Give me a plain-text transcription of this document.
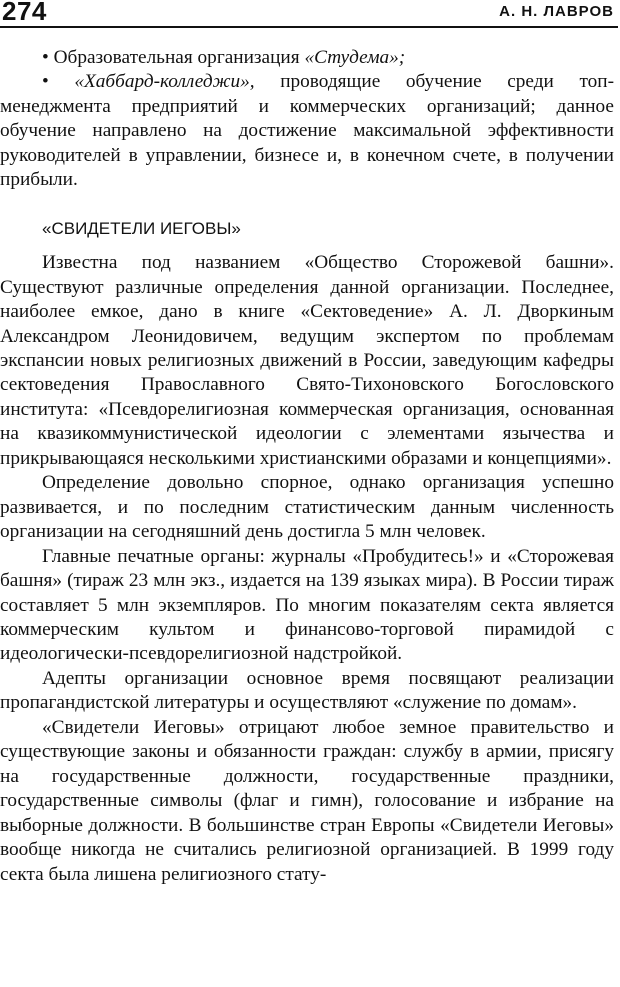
274	А. Н. ЛАВРОВ

• Образовательная организация «Студема»;

• «Хаббард-колледжи», проводящие обучение среди топ-менеджмента предприятий и коммерческих организаций; данное обучение направлено на достижение максимальной эффективности руководителей в управлении, бизнесе и, в конечном счете, в получении прибыли.

«СВИДЕТЕЛИ ИЕГОВЫ»

Известна под названием «Общество Сторожевой башни». Существуют различные определения данной организации. Последнее, наиболее емкое, дано в книге «Сектоведение» А. Л. Дворкиным Александром Леонидовичем, ведущим экспертом по проблемам экспансии новых религиозных движений в России, заведующим кафедры сектоведения Православного Свято-Тихоновского Богословского института: «Псевдорелигиозная коммерческая организация, основанная на квазикоммунистической идеологии с элементами язычества и прикрывающаяся несколькими христианскими образами и концепциями».

Определение довольно спорное, однако организация успешно развивается, и по последним статистическим данным численность организации на сегодняшний день достигла 5 млн человек.

Главные печатные органы: журналы «Пробудитесь!» и «Сторожевая башня» (тираж 23 млн экз., издается на 139 языках мира). В России тираж составляет 5 млн экземпляров. По многим показателям секта является коммерческим культом и финансово-торговой пирамидой с идеологически-псевдорелигиозной надстройкой.

Адепты организации основное время посвящают реализации пропагандистской литературы и осуществляют «служение по домам».

«Свидетели Иеговы» отрицают любое земное правительство и существующие законы и обязанности граждан: службу в армии, присягу на государственные должности, государственные праздники, государственные символы (флаг и гимн), голосование и избрание на выборные должности. В большинстве стран Европы «Свидетели Иеговы» вообще никогда не считались религиозной организацией. В 1999 году секта была лишена религиозного стату-
